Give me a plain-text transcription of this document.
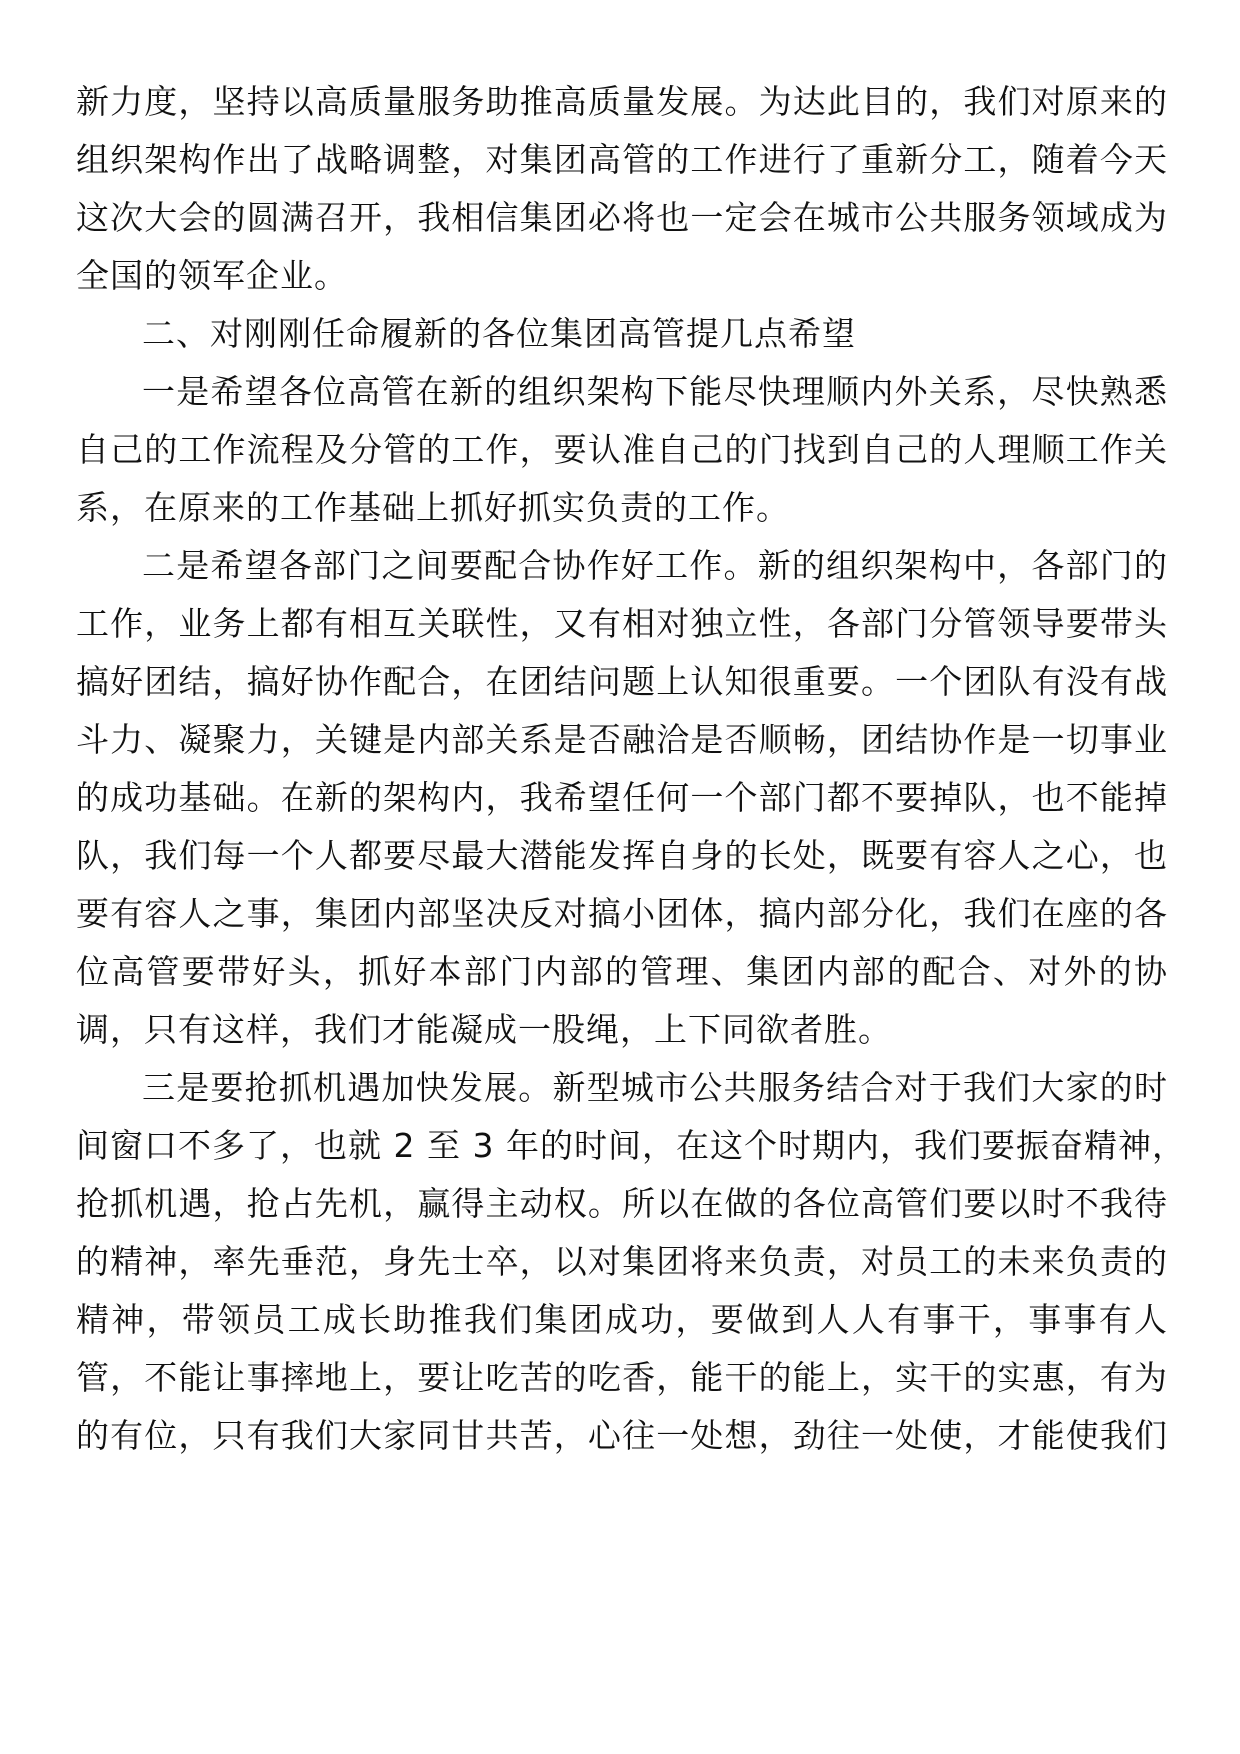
新力度，坚持以高质量服务助推高质量发展。为达此目的，我们对原来的
组织架构作出了战略调整，对集团高管的工作进行了重新分工，随着今天
这次大会的圆满召开，我相信集团必将也一定会在城市公共服务领域成为
全国的领军企业。
二、对刚刚任命履新的各位集团高管提几点希望
一是希望各位高管在新的组织架构下能尽快理顺内外关系，尽快熟悉
自己的工作流程及分管的工作，要认准自己的门找到自己的人理顺工作关
系，在原来的工作基础上抓好抓实负责的工作。
二是希望各部门之间要配合协作好工作。新的组织架构中，各部门的
工作，业务上都有相互关联性，又有相对独立性，各部门分管领导要带头
搞好团结，搞好协作配合，在团结问题上认知很重要。一个团队有没有战
斗力、凝聚力，关键是内部关系是否融洽是否顺畅，团结协作是一切事业
的成功基础。在新的架构内，我希望任何一个部门都不要掉队，也不能掉
队，我们每一个人都要尽最大潜能发挥自身的长处，既要有容人之心，也
要有容人之事，集团内部坚决反对搞小团体，搞内部分化，我们在座的各
位高管要带好头，抓好本部门内部的管理、集团内部的配合、对外的协
调，只有这样，我们才能凝成一股绳，上下同欲者胜。
三是要抢抓机遇加快发展。新型城市公共服务结合对于我们大家的时
间窗口不多了，也就 2 至 3 年的时间，在这个时期内，我们要振奋精神，
抢抓机遇，抢占先机，赢得主动权。所以在做的各位高管们要以时不我待
的精神，率先垂范，身先士卒，以对集团将来负责，对员工的未来负责的
精神，带领员工成长助推我们集团成功，要做到人人有事干，事事有人
管，不能让事摔地上，要让吃苦的吃香，能干的能上，实干的实惠，有为
的有位，只有我们大家同甘共苦，心往一处想，劲往一处使，才能使我们
